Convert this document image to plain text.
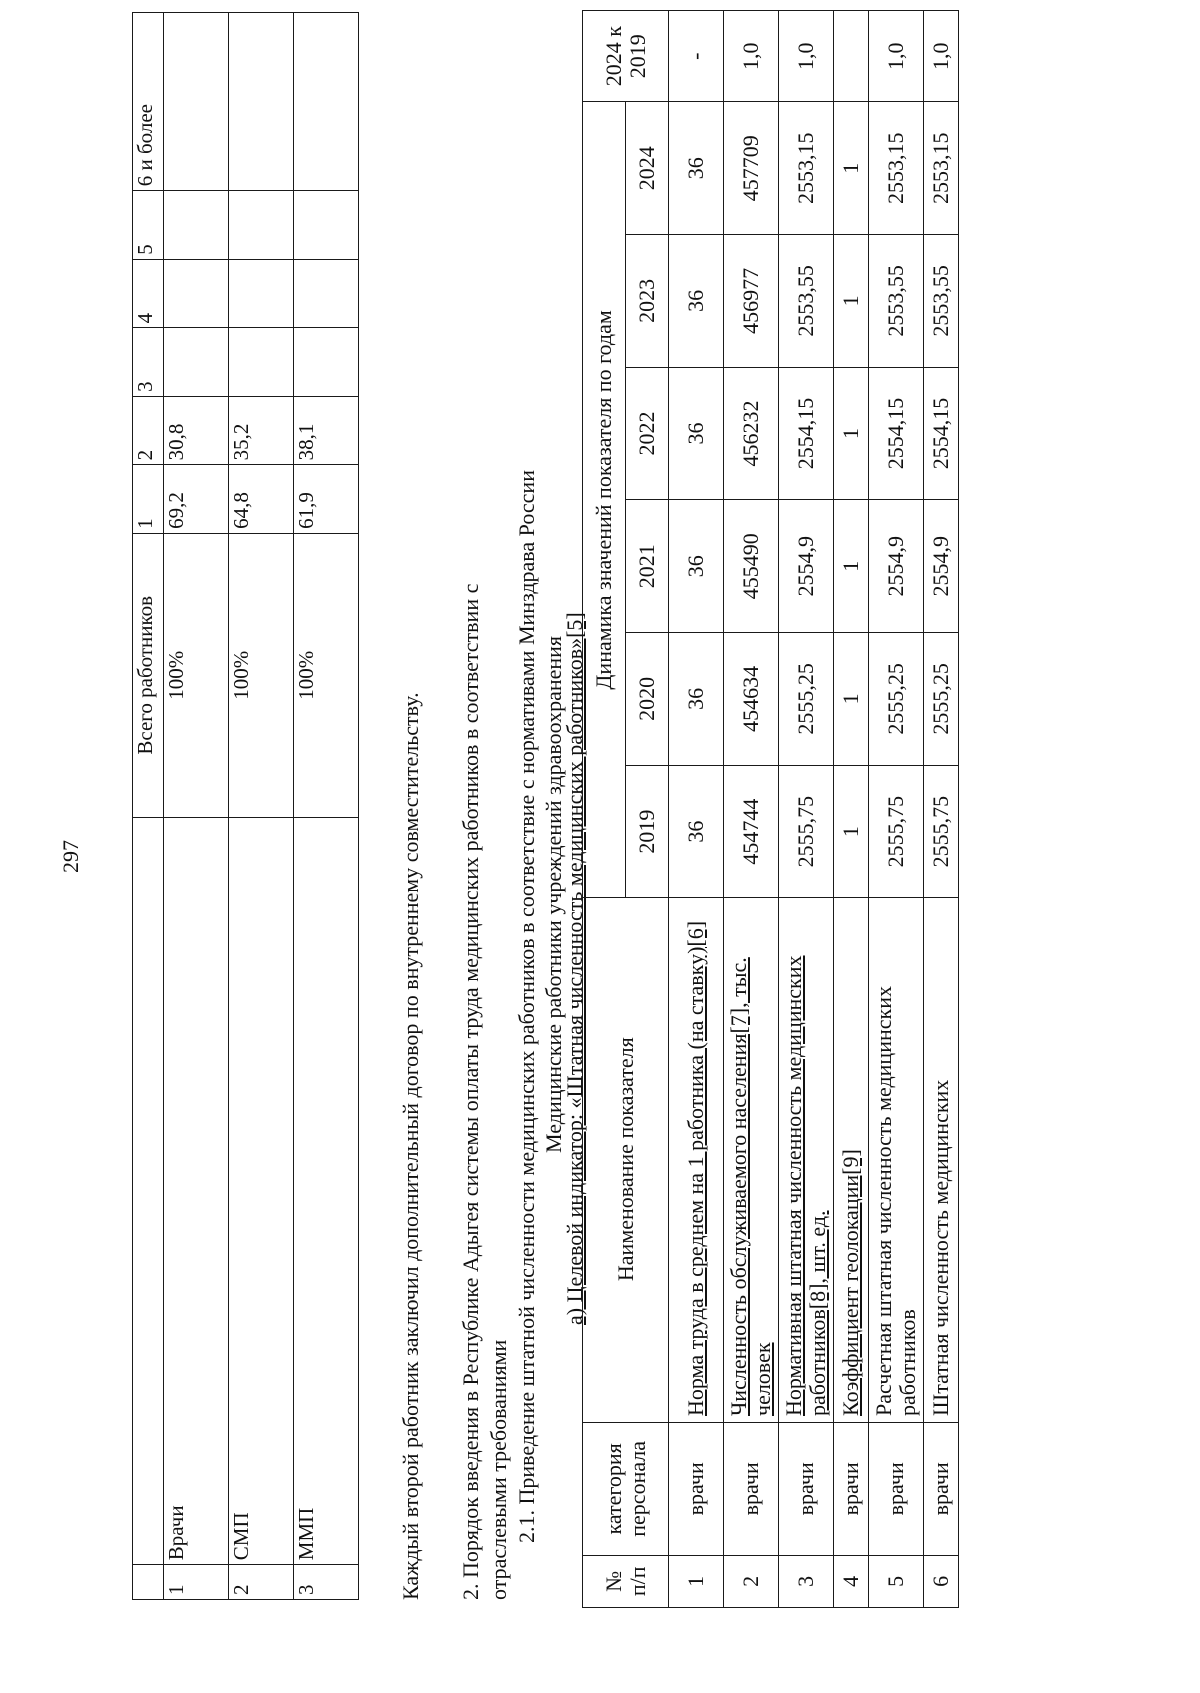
297
		Всего работников	1	2	3	4	5	6 и более
1	Врачи	100%	69,2	30,8				
2	СМП	100%	64,8	35,2				
3	ММП	100%	61,9	38,1				
Каждый второй работник заключил дополнительный договор по внутреннему совместительству. 2. Порядок введения в Республике Адыгея системы оплаты труда медицинских работников в соответствии с отраслевыми требованиями 2.1. Приведение штатной численности медицинских работников в соответствие с нормативами Минздрава России Медицинские работники учреждений здравоохранения
а) Целевой индикатор: «Штатная численность медицинских работников»[5]
№ п/п	категория персонала	Наименование показателя	Динамика значений показателя по годам						2024 к 2019
			2019	2020	2021	2022	2023	2024	
1	врачи	Норма труда в среднем на 1 работника (на ставку)[6]	36	36	36	36	36	36	-
2	врачи	Численность обслуживаемого населения[7], тыс. человек	454744	454634	455490	456232	456977	457709	1,0
3	врачи	Нормативная штатная численность медицинских работников[8], шт. ед.	2555,75	2555,25	2554,9	2554,15	2553,55	2553,15	1,0
4	врачи	Коэффициент геолокации[9]	1	1	1	1	1	1	
5	врачи	Расчетная штатная численность медицинских работников	2555,75	2555,25	2554,9	2554,15	2553,55	2553,15	1,0
6	врачи	Штатная численность медицинских	2555,75	2555,25	2554,9	2554,15	2553,55	2553,15	1,0
